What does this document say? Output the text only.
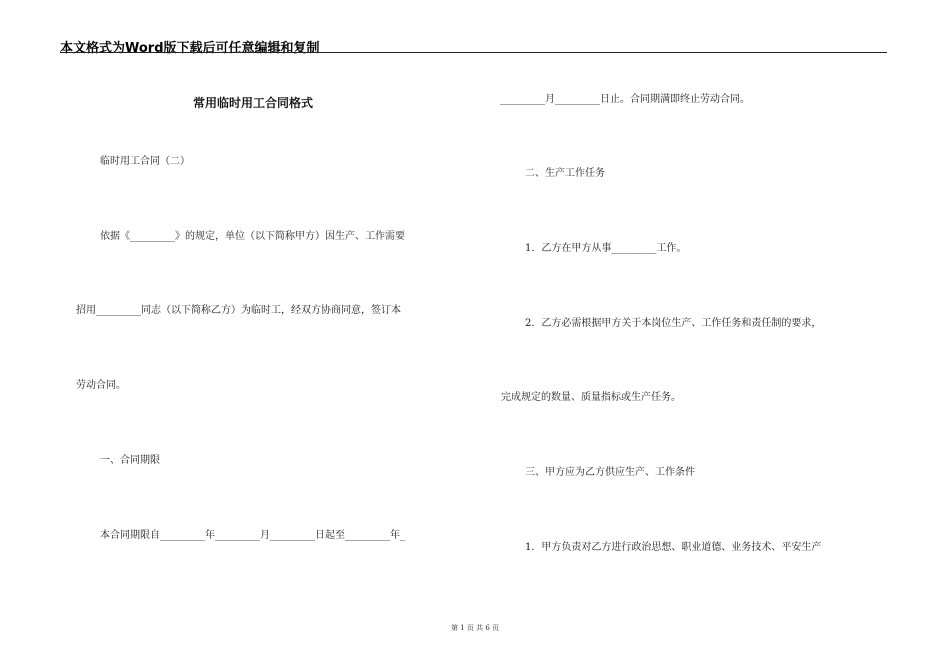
本文格式为Word版下载后可任意编辑和复制
常用临时用工合同格式
临时用工合同（二）
依据《_________》的规定，单位（以下简称甲方）因生产、工作需要
招用_________同志（以下简称乙方）为临时工，经双方协商同意，签订本
劳动合同。
一、合同期限
本合同期限自_________年_________月_________日起至_________年_
_________月_________日止。合同期满即终止劳动合同。
二、生产工作任务
1．乙方在甲方从事_________工作。
2．乙方必需根据甲方关于本岗位生产、工作任务和责任制的要求，
完成规定的数量、质量指标或生产任务。
三、甲方应为乙方供应生产、工作条件
1．甲方负责对乙方进行政治思想、职业道德、业务技术、平安生产
第 1 页 共 6 页
